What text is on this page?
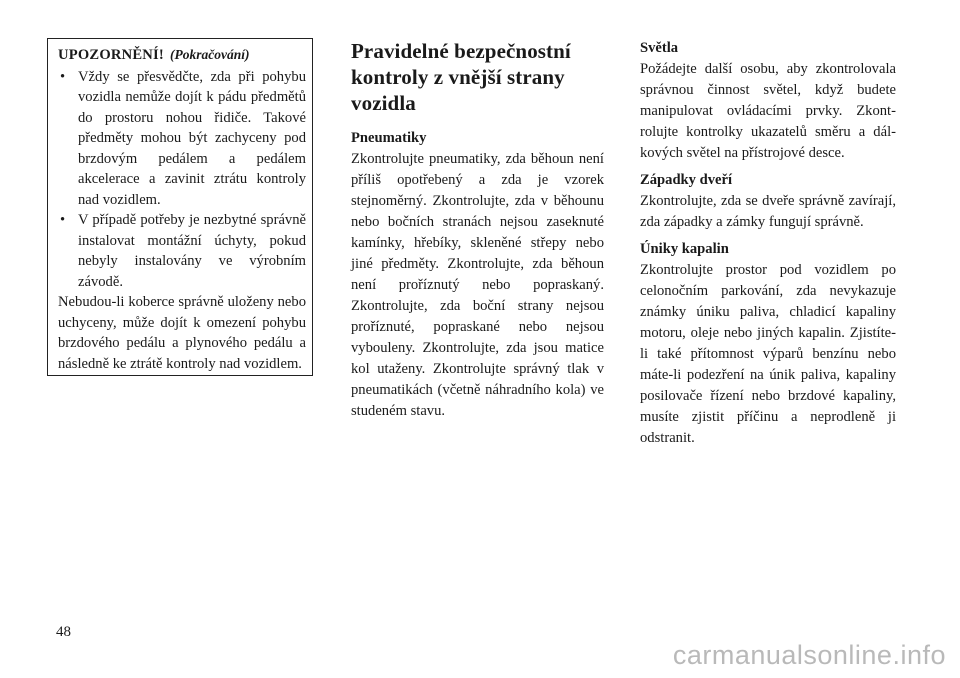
UPOZORNĚNÍ! (Pokračování)

• Vždy se přesvědčte, zda při pohybu vozidla nemůže dojít k pádu předmětů do prostoru nohou řidiče. Takové předměty mohou být zachyceny pod brzdovým pedálem a pedálem akcelerace a zavinit ztrátu kontroly nad vozidlem.
• V případě potřeby je nezbytné správně instalovat montážní úchyty, pokud nebyly instalovány ve výrobním závodě.

Nebudou-li koberce správně uloženy nebo uchyceny, může dojít k omezení pohybu brzdového pedálu a plynového pedálu a následně ke ztrátě kontroly nad vozidlem.

Pravidelné bezpečnostní kontroly z vnější strany vozidla
Pneumatiky

Zkontrolujte pneumatiky, zda běhoun není příliš opotřebený a zda je vzorek stejnoměrný. Zkontrolujte, zda v běhounu nebo bočních stranách nejsou zaseknuté kamínky, hřebíky, skleněné střepy nebo jiné předměty. Zkontrolujte, zda běhoun není proříznutý nebo popraskaný. Zkontrolujte, zda boční strany nejsou proříznuté, popraskané nebo nejsou vybouleny. Zkontrolujte, zda jsou matice kol utaženy. Zkontrolujte správný tlak v pneumatikách (včetně náhradního kola) ve studeném stavu.

Světla

Požádejte další osobu, aby zkontrolovala správnou činnost světel, když budete manipulovat ovládacími prvky. Zkontrolujte kontrolky ukazatelů směru a dálkových světel na přístrojové desce.

Západky dveří

Zkontrolujte, zda se dveře správně zavírají, zda západky a zámky fungují správně.

Úniky kapalin

Zkontrolujte prostor pod vozidlem po celonočním parkování, zda nevykazuje známky úniku paliva, chladicí kapaliny motoru, oleje nebo jiných kapalin. Zjistíte-li také přítomnost výparů benzínu nebo máte-li podezření na únik paliva, kapaliny posilovače řízení nebo brzdové kapaliny, musíte zjistit příčinu a neprodleně ji odstranit.

48
carmanualsonline.info
